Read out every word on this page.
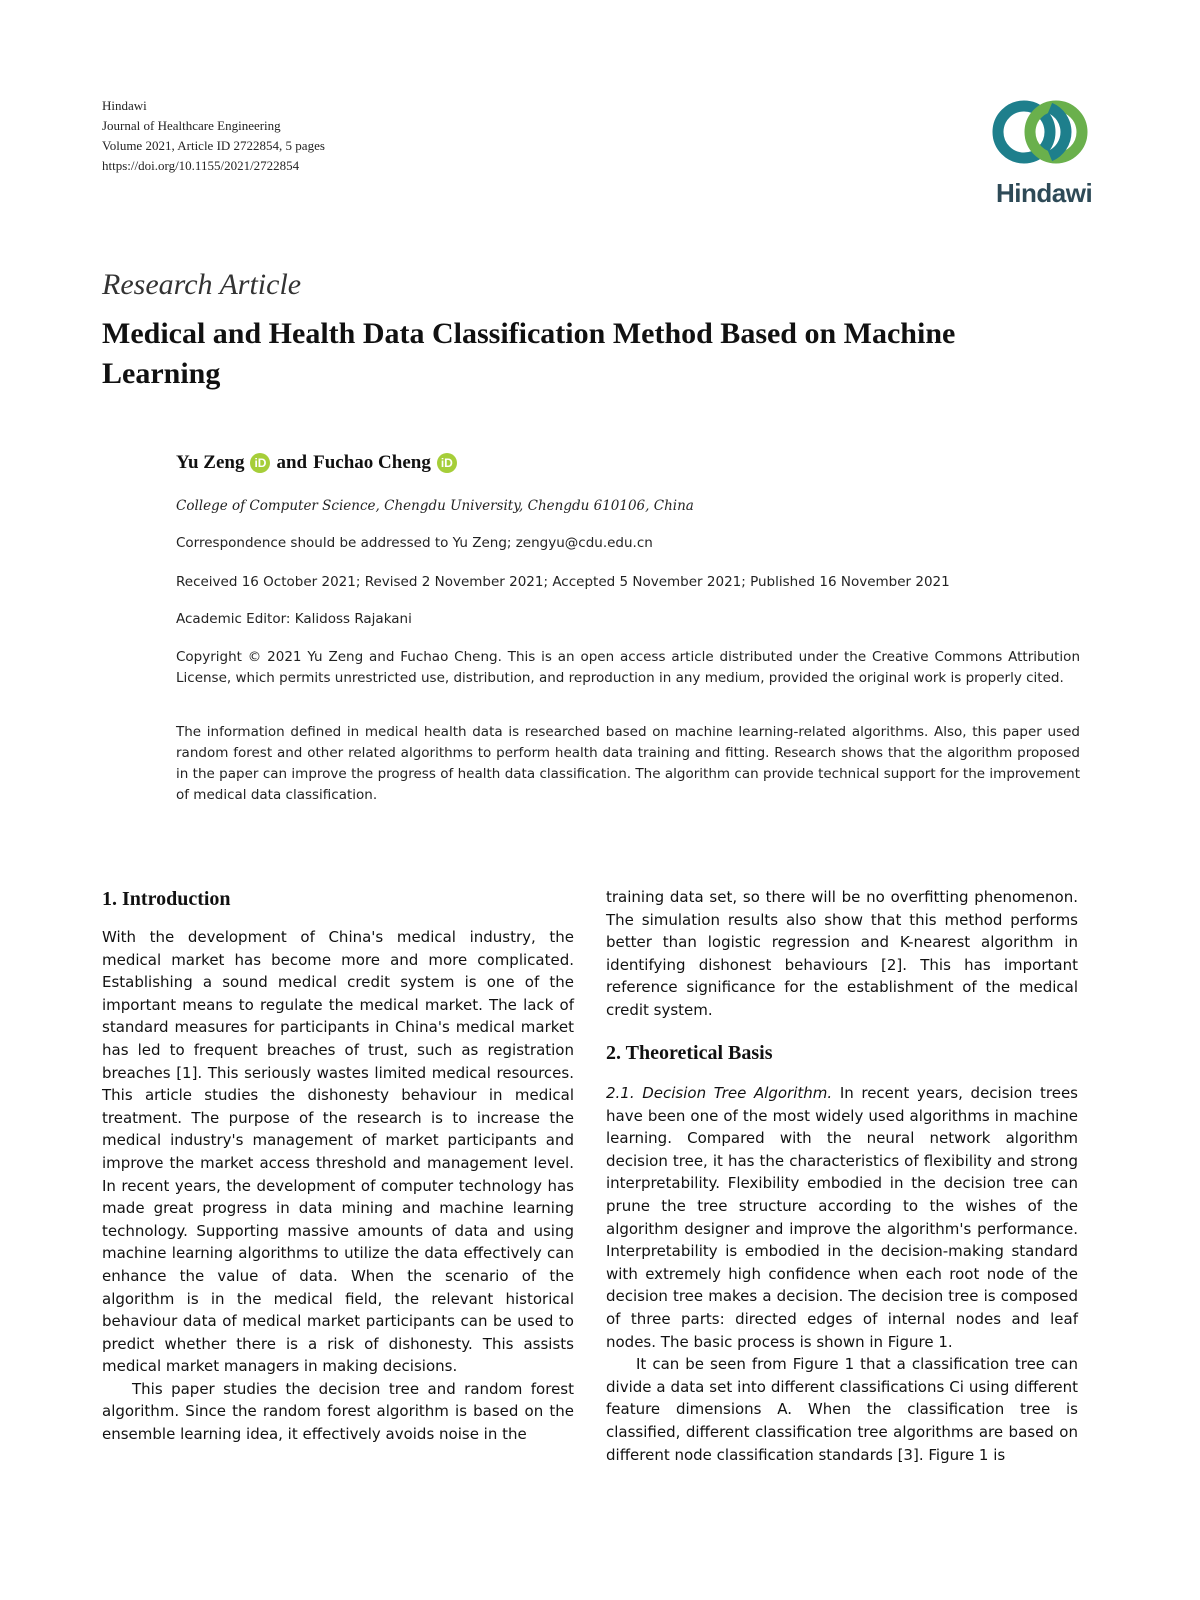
Hindawi
Journal of Healthcare Engineering
Volume 2021, Article ID 2722854, 5 pages
https://doi.org/10.1155/2021/2722854
Hindawi
Research Article
Medical and Health Data Classification Method Based on Machine Learning
Yu Zeng iD and Fuchao Cheng iD
College of Computer Science, Chengdu University, Chengdu 610106, China
Correspondence should be addressed to Yu Zeng; zengyu@cdu.edu.cn
Received 16 October 2021; Revised 2 November 2021; Accepted 5 November 2021; Published 16 November 2021
Academic Editor: Kalidoss Rajakani
Copyright © 2021 Yu Zeng and Fuchao Cheng. This is an open access article distributed under the Creative Commons Attribution License, which permits unrestricted use, distribution, and reproduction in any medium, provided the original work is properly cited.
The information defined in medical health data is researched based on machine learning-related algorithms. Also, this paper used random forest and other related algorithms to perform health data training and fitting. Research shows that the algorithm proposed in the paper can improve the progress of health data classification. The algorithm can provide technical support for the improvement of medical data classification.
1. Introduction

With the development of China's medical industry, the medical market has become more and more complicated. Establishing a sound medical credit system is one of the important means to regulate the medical market. The lack of standard measures for participants in China's medical market has led to frequent breaches of trust, such as registration breaches [1]. This seriously wastes limited medical resources. This article studies the dishonesty behaviour in medical treatment. The purpose of the research is to increase the medical industry's management of market participants and improve the market access threshold and management level. In recent years, the development of computer technology has made great progress in data mining and machine learning technology. Supporting massive amounts of data and using machine learning algorithms to utilize the data effectively can enhance the value of data. When the scenario of the algorithm is in the medical field, the relevant historical behaviour data of medical market participants can be used to predict whether there is a risk of dishonesty. This assists medical market managers in making decisions.

This paper studies the decision tree and random forest algorithm. Since the random forest algorithm is based on the ensemble learning idea, it effectively avoids noise in the

training data set, so there will be no overfitting phenomenon. The simulation results also show that this method performs better than logistic regression and K-nearest algorithm in identifying dishonest behaviours [2]. This has important reference significance for the establishment of the medical credit system.

2. Theoretical Basis

2.1. Decision Tree Algorithm. In recent years, decision trees have been one of the most widely used algorithms in machine learning. Compared with the neural network algorithm decision tree, it has the characteristics of flexibility and strong interpretability. Flexibility embodied in the decision tree can prune the tree structure according to the wishes of the algorithm designer and improve the algorithm's performance. Interpretability is embodied in the decision-making standard with extremely high confidence when each root node of the decision tree makes a decision. The decision tree is composed of three parts: directed edges of internal nodes and leaf nodes. The basic process is shown in Figure 1.

It can be seen from Figure 1 that a classification tree can divide a data set into different classifications Ci using different feature dimensions A. When the classification tree is classified, different classification tree algorithms are based on different node classification standards [3]. Figure 1 is
